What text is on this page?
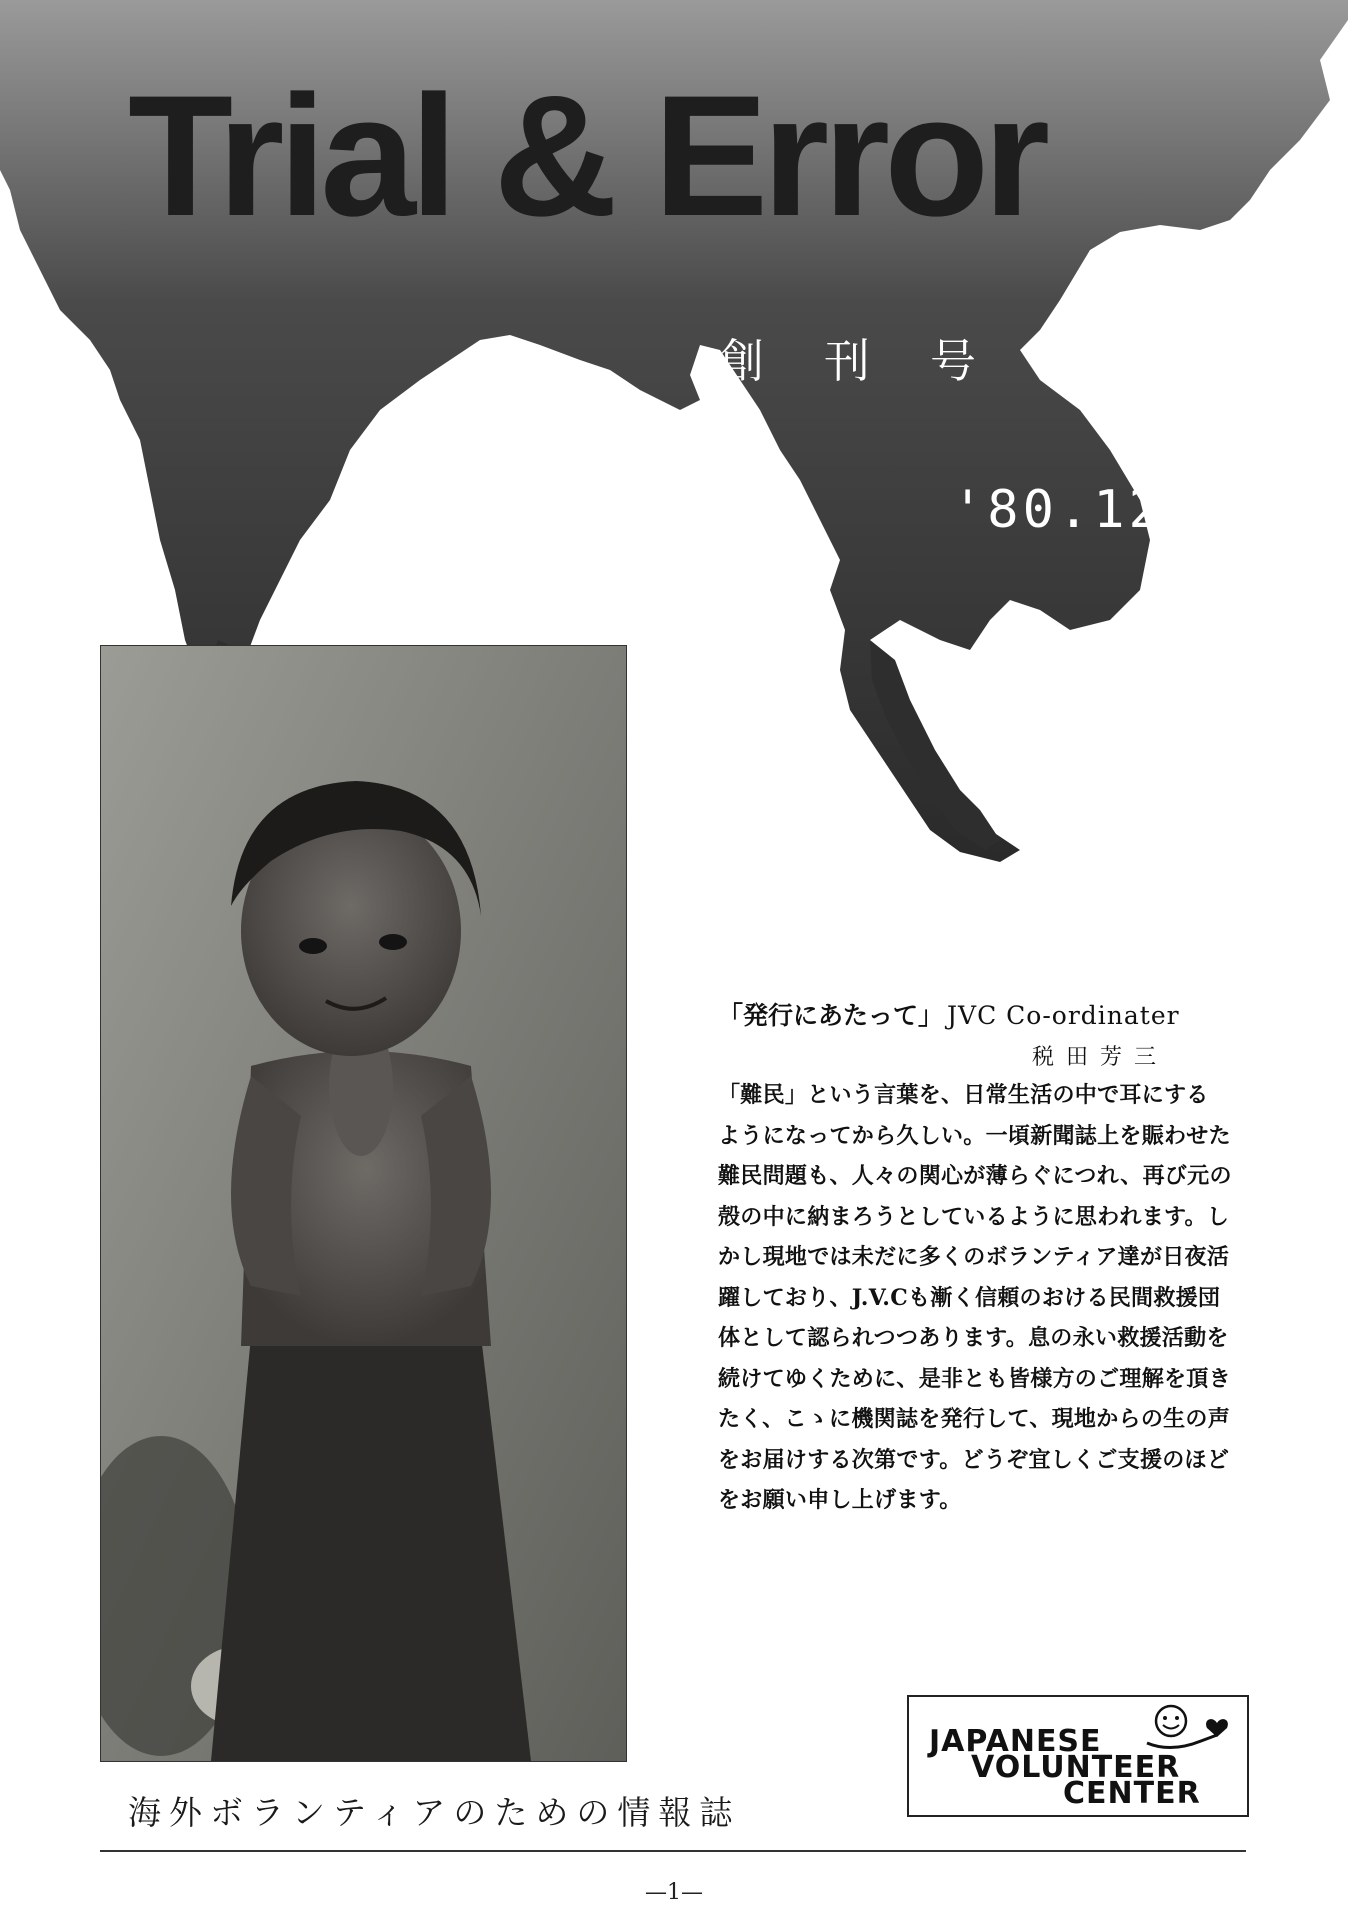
Trial & Error
創刊号
'80.12.15
「発行にあたって」 JVC Co-ordinater
税田芳三
「難民」という言葉を、日常生活の中で耳にする
ようになってから久しい。一頃新聞誌上を賑わせた
難民問題も、人々の関心が薄らぐにつれ、再び元の
殻の中に納まろうとしているように思われます。し
かし現地では未だに多くのボランティア達が日夜活
躍しており、J.V.Cも漸く信頼のおける民間救援団
体として認られつつあります。息の永い救援活動を
続けてゆくために、是非とも皆様方のご理解を頂き
たく、こゝに機関誌を発行して、現地からの生の声
をお届けする次第です。どうぞ宜しくご支援のほど
をお願い申し上げます。
海外ボランティアのための情報誌
JAPANESE
VOLUNTEER
CENTER
—1—
